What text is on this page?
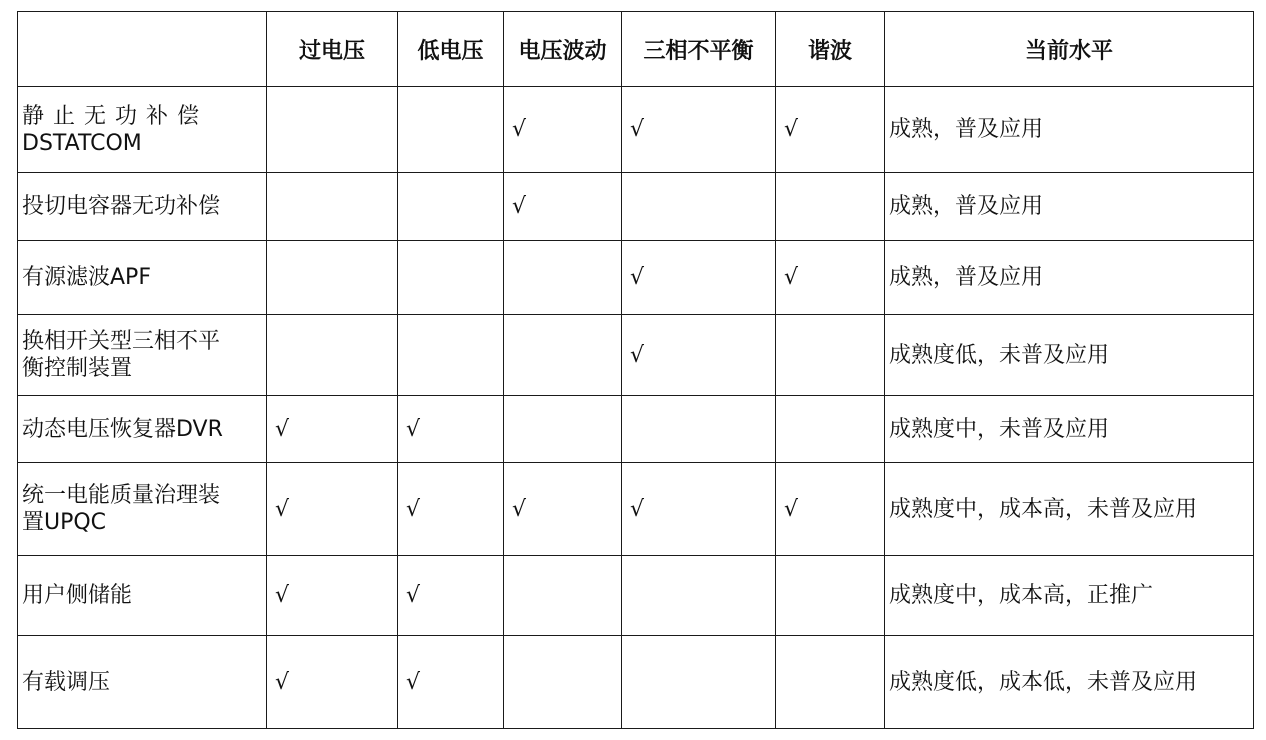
	过电压	低电压	电压波动	三相不平衡	谐波	当前水平

静止无功补偿
DSTATCOM			√	√	√	成熟，普及应用

投切电容器无功补偿			√			成熟，普及应用

有源滤波APF				√	√	成熟，普及应用

换相开关型三相不平
衡控制装置				√		成熟度低，未普及应用

动态电压恢复器DVR	√	√				成熟度中，未普及应用

统一电能质量治理装
置UPQC	√	√	√	√	√	成熟度中，成本高，未普及应用

用户侧储能	√	√				成熟度中，成本高，正推广

有载调压	√	√				成熟度低，成本低，未普及应用
